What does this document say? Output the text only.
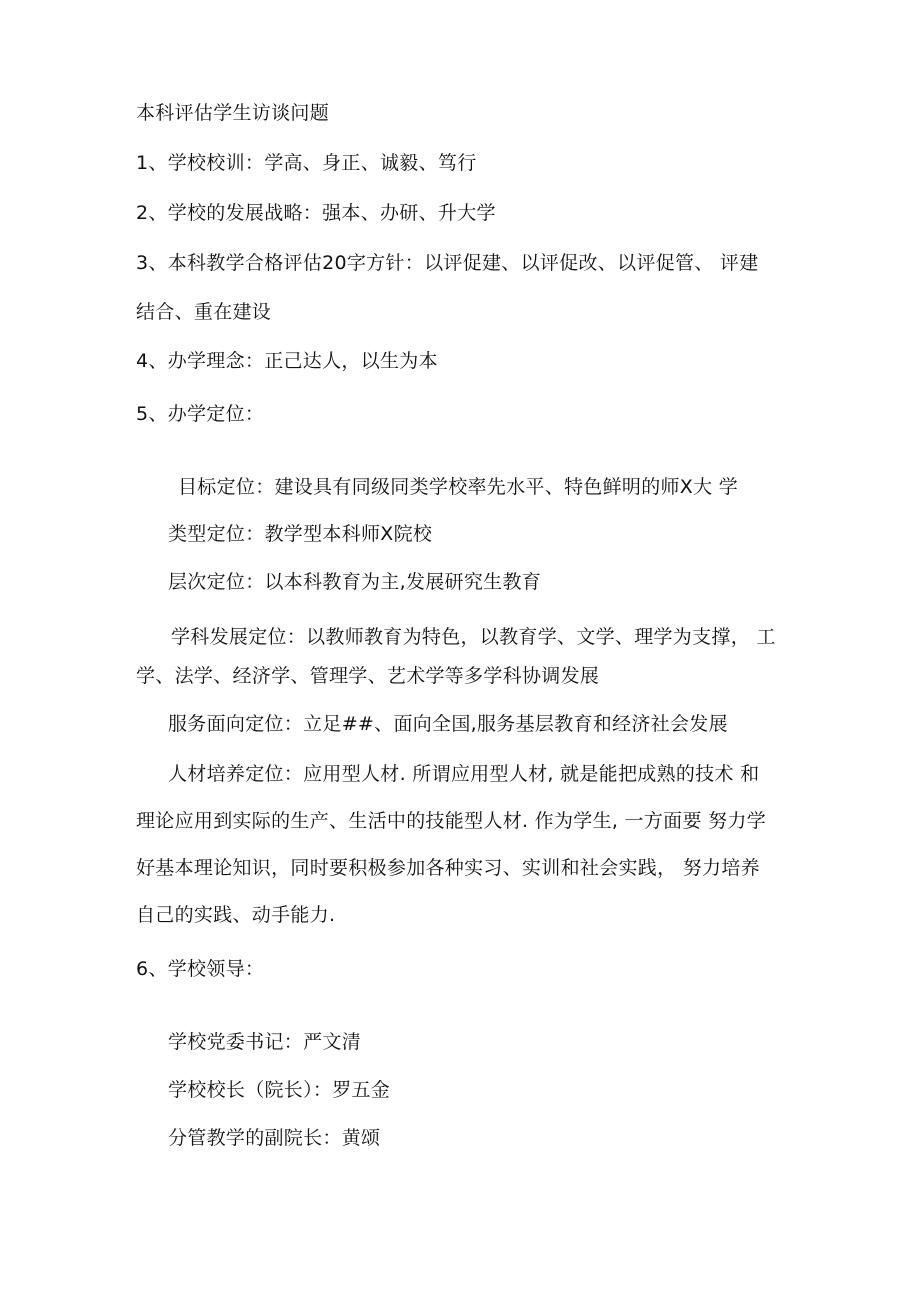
本科评估学生访谈问题
1、学校校训：学高、身正、诚毅、笃行
2、学校的发展战略：强本、办研、升大学
3、本科教学合格评估20字方针：以评促建、以评促改、以评促管、 评建
结合、重在建设
4、办学理念：正己达人，以生为本
5、办学定位：
目标定位：建设具有同级同类学校率先水平、特色鲜明的师X大 学
类型定位：教学型本科师X院校
层次定位：以本科教育为主,发展研究生教育
学科发展定位：以教师教育为特色，以教育学、文学、理学为支撑， 工
学、法学、经济学、管理学、艺术学等多学科协调发展
服务面向定位：立足##、面向全国,服务基层教育和经济社会发展
人材培养定位：应用型人材. 所谓应用型人材, 就是能把成熟的技术 和
理论应用到实际的生产、生活中的技能型人材. 作为学生, 一方面要 努力学
好基本理论知识，同时要积极参加各种实习、实训和社会实践， 努力培养
自己的实践、动手能力.
6、学校领导：
学校党委书记：严文清
学校校长（院长）：罗五金
分管教学的副院长：黄颂
